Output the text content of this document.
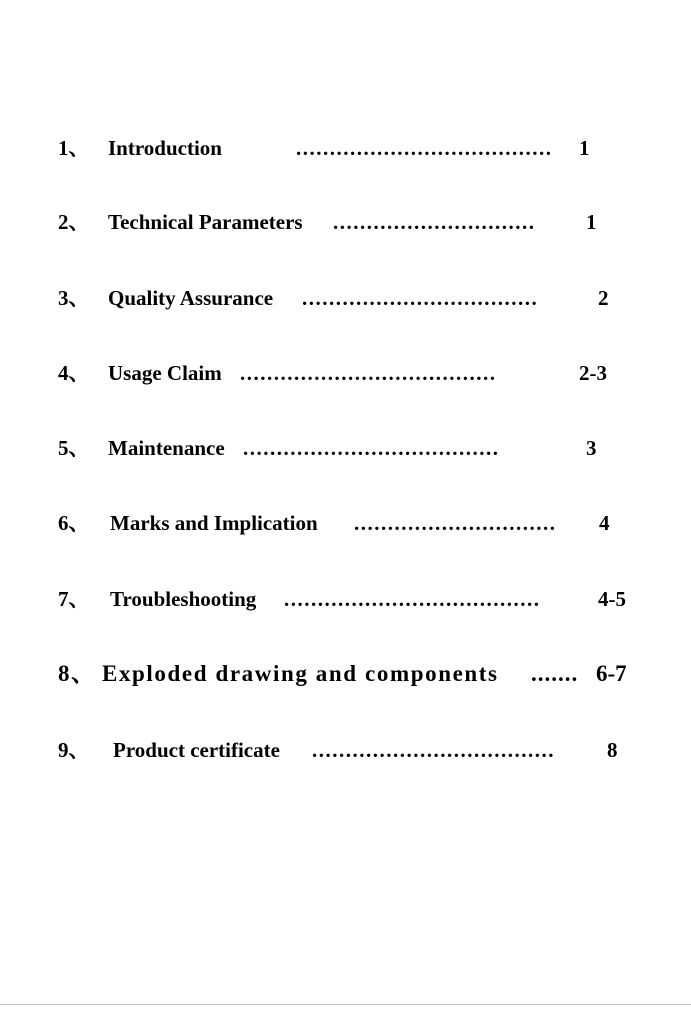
1、 Introduction	......................................	1
2、 Technical Parameters ..............................	1
3、 Quality Assurance ...................................	2
4、 Usage Claim ......................................	2-3
5、 Maintenance ......................................	3
6、 Marks and Implication ..............................	4
7、 Troubleshooting ......................................	4-5
8、 Exploded drawing and components ....... 6-7
9、 Product certificate ....................................	8
